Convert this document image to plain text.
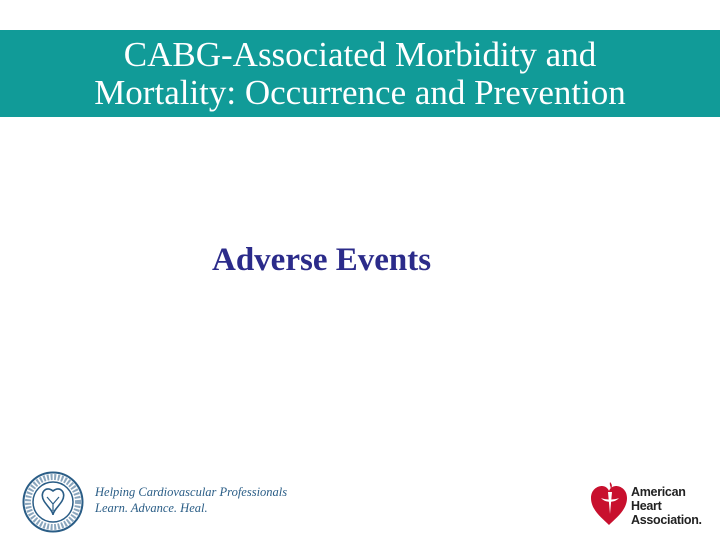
CABG-Associated Morbidity and
Mortality: Occurrence and Prevention
Adverse Events
Helping Cardiovascular Professionals
Learn. Advance. Heal.
American
Heart
Association.
